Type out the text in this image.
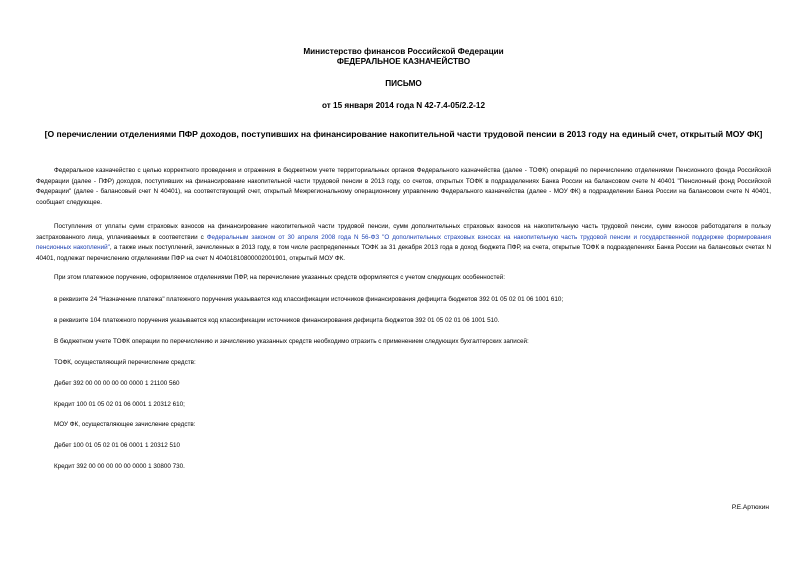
Министерство финансов Российской Федерации
ФЕДЕРАЛЬНОЕ КАЗНАЧЕЙСТВО
ПИСЬМО
от 15 января 2014 года N 42-7.4-05/2.2-12
[О перечислении отделениями ПФР доходов, поступивших на финансирование накопительной части трудовой пенсии в 2013 году на единый счет, открытый МОУ ФК]
Федеральное казначейство с целью корректного проведения и отражения в бюджетном учете территориальных органов Федерального казначейства (далее - ТОФК) операций по перечислению отделениями Пенсионного фонда Российской Федерации (далее - ПФР) доходов, поступивших на финансирование накопительной части трудовой пенсии в 2013 году, со счетов, открытых ТОФК в подразделениях Банка России на балансовом счете N 40401 "Пенсионный фонд Российской Федерации" (далее - балансовый счет N 40401), на соответствующий счет, открытый Межрегиональному операционному управлению Федерального казначейства (далее - МОУ ФК) в подразделении Банка России на балансовом счете N 40401, сообщает следующее.
Поступления от уплаты сумм страховых взносов на финансирование накопительной части трудовой пенсии, сумм дополнительных страховых взносов на накопительную часть трудовой пенсии, сумм взносов работодателя в пользу застрахованного лица, уплачиваемых в соответствии с Федеральным законом от 30 апреля 2008 года N 56-ФЗ "О дополнительных страховых взносах на накопительную часть трудовой пенсии и государственной поддержке формирования пенсионных накоплений", а также иных поступлений, зачисленных в 2013 году, в том числе распределенных ТОФК за 31 декабря 2013 года в доход бюджета ПФР, на счета, открытые ТОФК в подразделениях Банка России на балансовых счетах N 40401, подлежат перечислению отделениями ПФР на счет N 40401810800002001901, открытый МОУ ФК.
При этом платежное поручение, оформляемое отделениями ПФР, на перечисление указанных средств оформляется с учетом следующих особенностей:
в реквизите 24 "Назначение платежа" платежного поручения указывается код классификации источников финансирования дефицита бюджетов 392 01 05 02 01 06 1001 610;
в реквизите 104 платежного поручения указывается код классификации источников финансирования дефицита бюджетов 392 01 05 02 01 06 1001 510.
В бюджетном учете ТОФК операции по перечислению и зачислению указанных средств необходимо отразить с применением следующих бухгалтерских записей:
ТОФК, осуществляющий перечисление средств:
Дебет 392 00 00 00 00 00 0000 1 21100 560
Кредит 100 01 05 02 01 06 0001 1 20312 610;
МОУ ФК, осуществляющее зачисление средств:
Дебет 100 01 05 02 01 06 0001 1 20312 510
Кредит 392 00 00 00 00 00 0000 1 30800 730.
Р.Е.Артюхин
